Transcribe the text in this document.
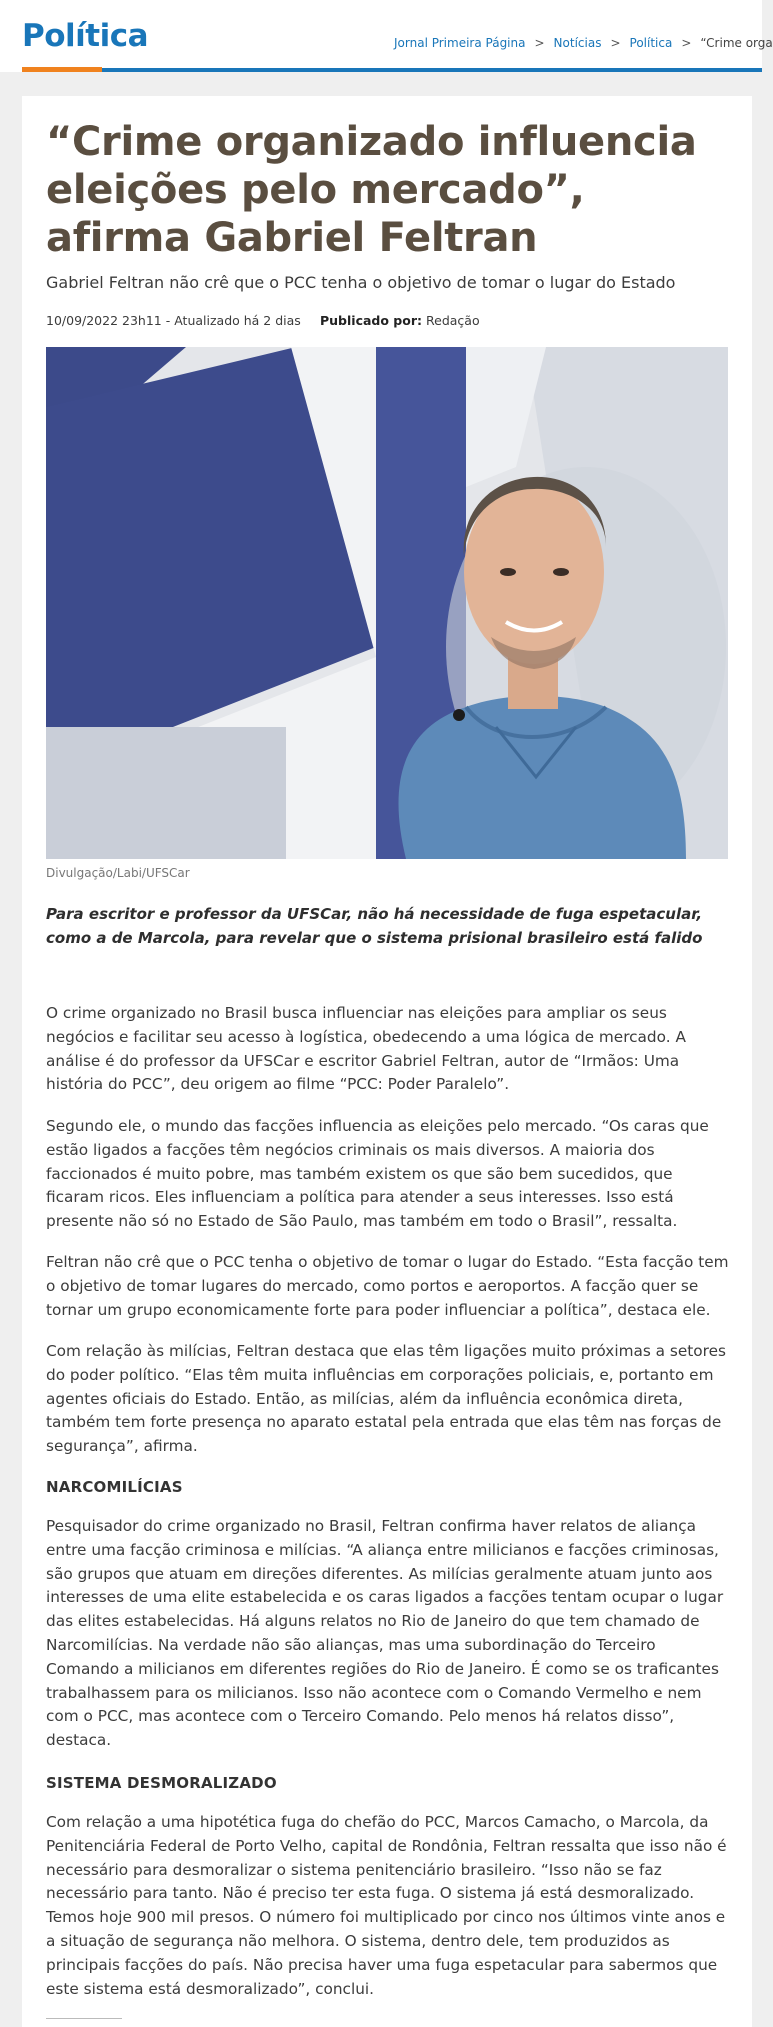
Política	Jornal Primeira Página > Notícias > Política > “Crime orga
“Crime organizado influencia eleições pelo mercado”, afirma Gabriel Feltran
Gabriel Feltran não crê que o PCC tenha o objetivo de tomar o lugar do Estado
10/09/2022 23h11 - Atualizado há 2 dias Publicado por: Redação
Divulgação/Labi/UFSCar

Para escritor e professor da UFSCar, não há necessidade de fuga espetacular, como a de Marcola, para revelar que o sistema prisional brasileiro está falido

O crime organizado no Brasil busca influenciar nas eleições para ampliar os seus negócios e facilitar seu acesso à logística, obedecendo a uma lógica de mercado. A análise é do professor da UFSCar e escritor Gabriel Feltran, autor de “Irmãos: Uma história do PCC”, deu origem ao filme “PCC: Poder Paralelo”.

Segundo ele, o mundo das facções influencia as eleições pelo mercado. “Os caras que estão ligados a facções têm negócios criminais os mais diversos. A maioria dos faccionados é muito pobre, mas também existem os que são bem sucedidos, que ficaram ricos. Eles influenciam a política para atender a seus interesses. Isso está presente não só no Estado de São Paulo, mas também em todo o Brasil”, ressalta.

Feltran não crê que o PCC tenha o objetivo de tomar o lugar do Estado. “Esta facção tem o objetivo de tomar lugares do mercado, como portos e aeroportos. A facção quer se tornar um grupo economicamente forte para poder influenciar a política”, destaca ele.

Com relação às milícias, Feltran destaca que elas têm ligações muito próximas a setores do poder político. “Elas têm muita influências em corporações policiais, e, portanto em agentes oficiais do Estado. Então, as milícias, além da influência econômica direta, também tem forte presença no aparato estatal pela entrada que elas têm nas forças de segurança”, afirma.

NARCOMILÍCIAS

Pesquisador do crime organizado no Brasil, Feltran confirma haver relatos de aliança entre uma facção criminosa e milícias. “A aliança entre milicianos e facções criminosas, são grupos que atuam em direções diferentes. As milícias geralmente atuam junto aos interesses de uma elite estabelecida e os caras ligados a facções tentam ocupar o lugar das elites estabelecidas. Há alguns relatos no Rio de Janeiro do que tem chamado de Narcomilícias. Na verdade não são alianças, mas uma subordinação do Terceiro Comando a milicianos em diferentes regiões do Rio de Janeiro. É como se os traficantes trabalhassem para os milicianos. Isso não acontece com o Comando Vermelho e nem com o PCC, mas acontece com o Terceiro Comando. Pelo menos há relatos disso”, destaca.

SISTEMA DESMORALIZADO

Com relação a uma hipotética fuga do chefão do PCC, Marcos Camacho, o Marcola, da Penitenciária Federal de Porto Velho, capital de Rondônia, Feltran ressalta que isso não é necessário para desmoralizar o sistema penitenciário brasileiro. “Isso não se faz necessário para tanto. Não é preciso ter esta fuga. O sistema já está desmoralizado. Temos hoje 900 mil presos. O número foi multiplicado por cinco nos últimos vinte anos e a situação de segurança não melhora. O sistema, dentro dele, tem produzidos as principais facções do país. Não precisa haver uma fuga espetacular para sabermos que este sistema está desmoralizado”, conclui.
